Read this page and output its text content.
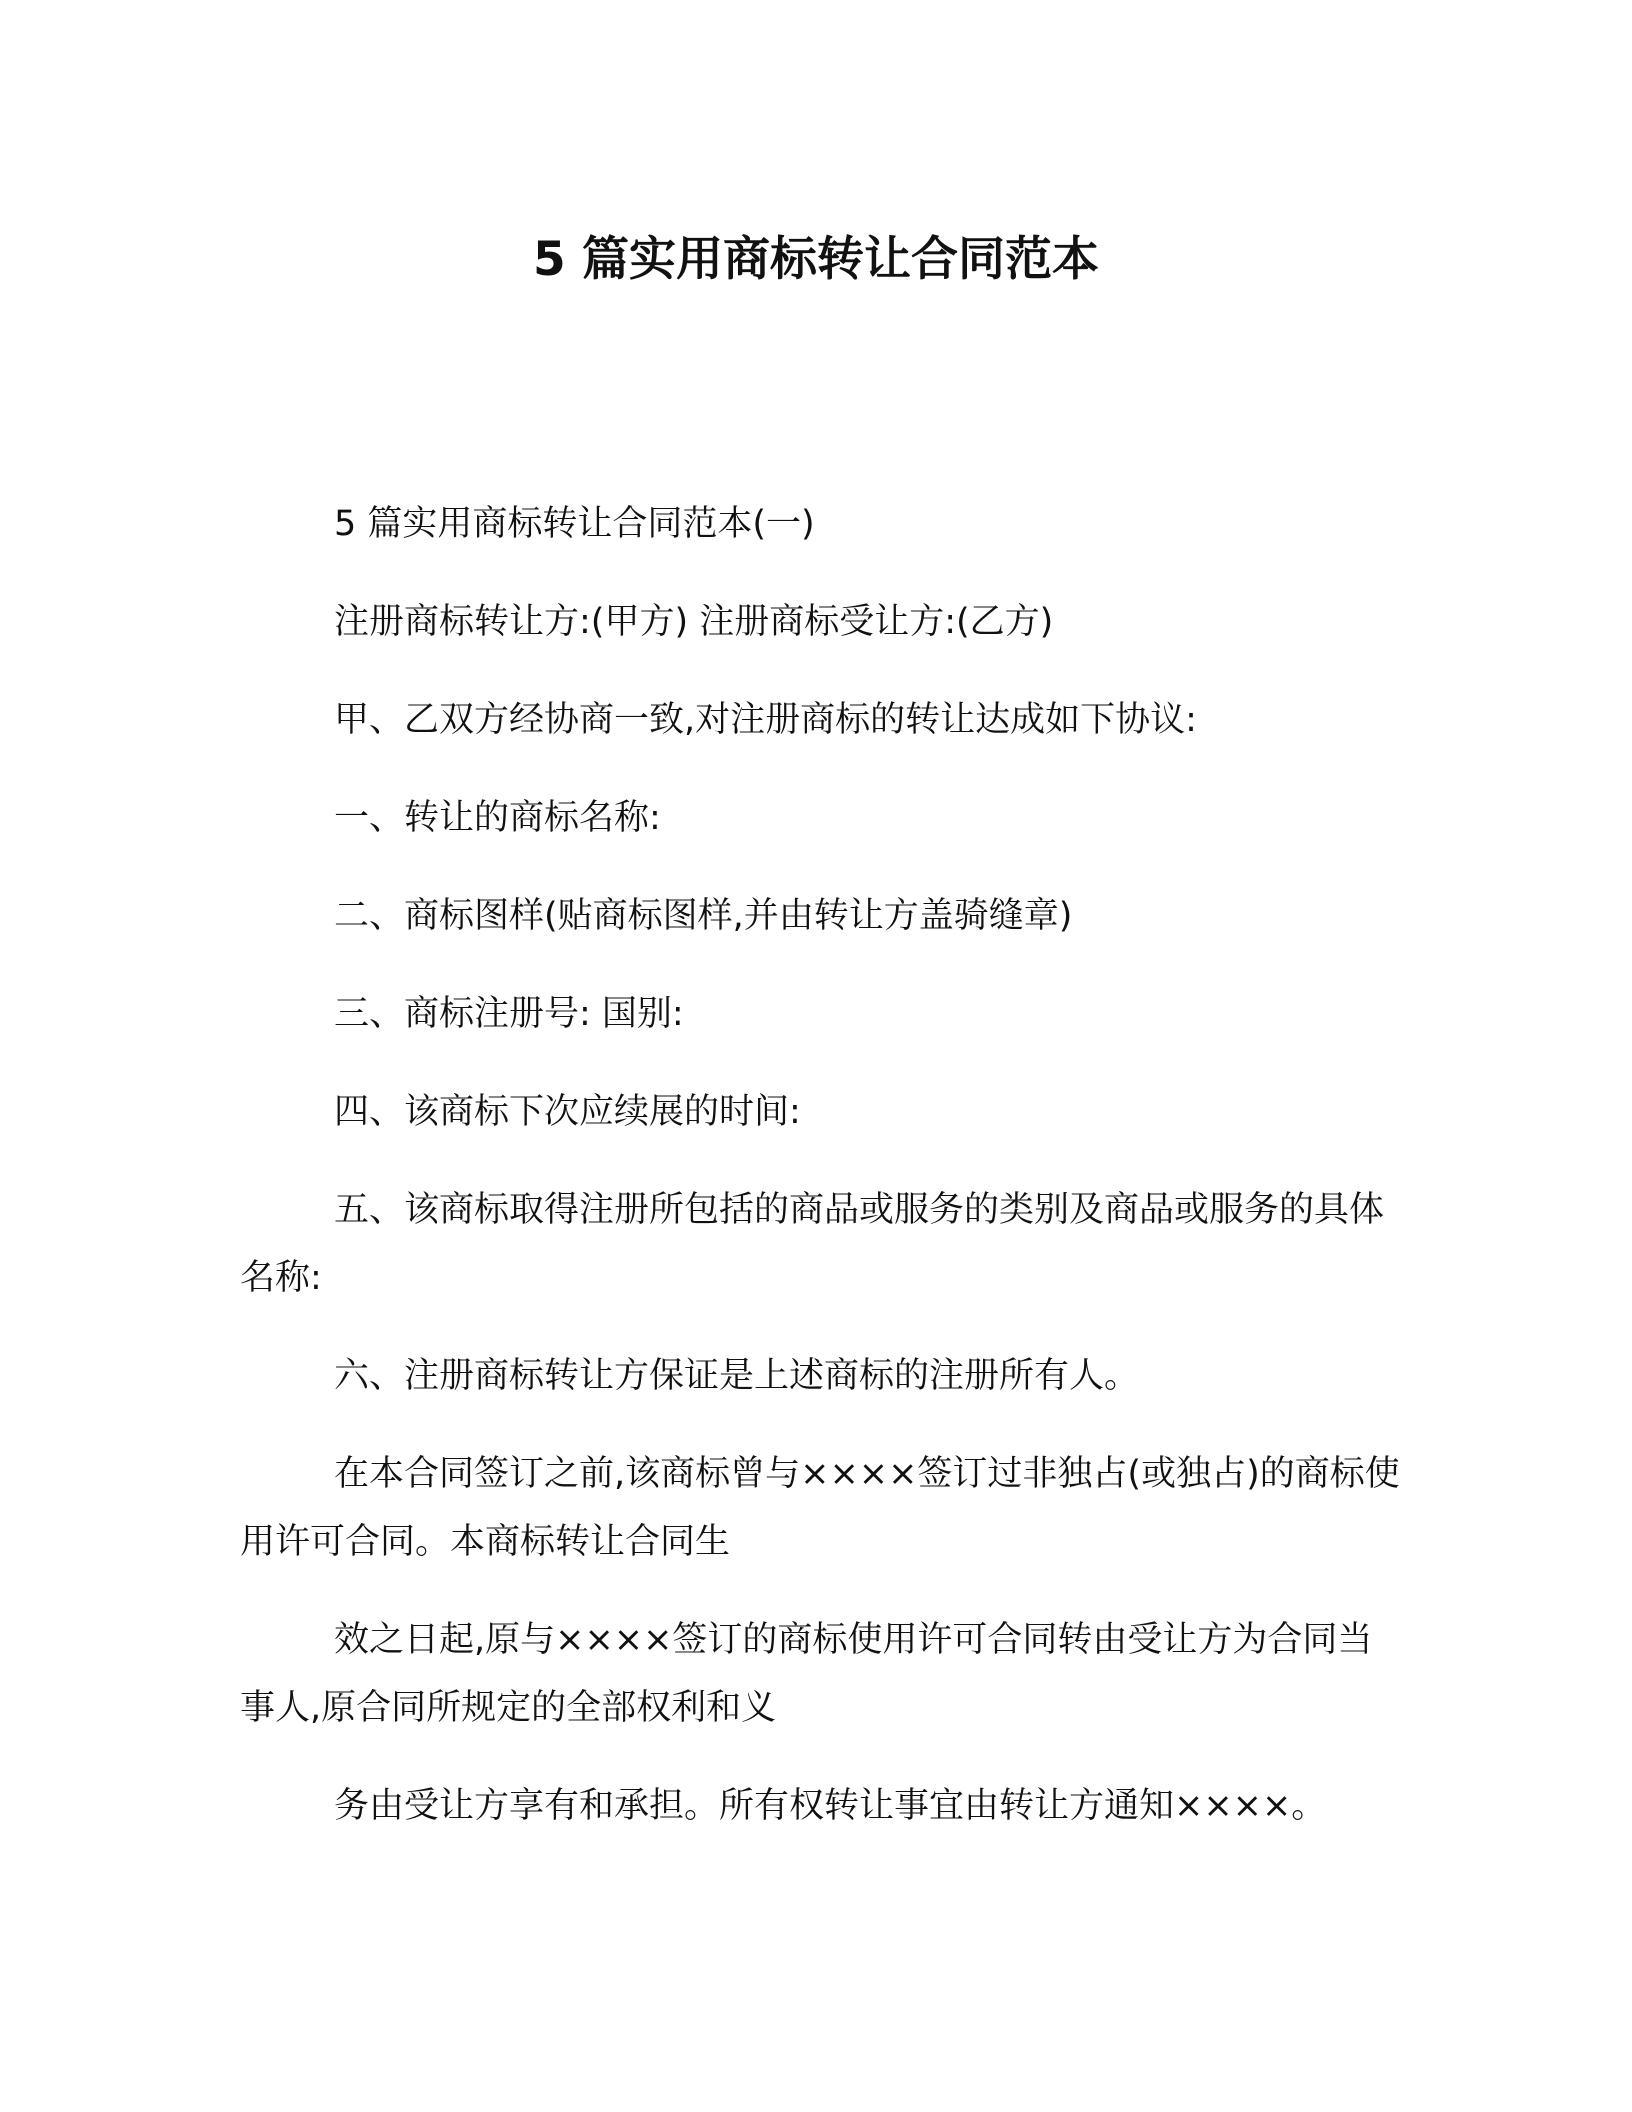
5 篇实用商标转让合同范本

5 篇实用商标转让合同范本(一)

注册商标转让方:(甲方) 注册商标受让方:(乙方)

甲、乙双方经协商一致,对注册商标的转让达成如下协议:

一、转让的商标名称:

二、商标图样(贴商标图样,并由转让方盖骑缝章)

三、商标注册号: 国别:

四、该商标下次应续展的时间:

五、该商标取得注册所包括的商品或服务的类别及商品或服务的具体名称:

六、注册商标转让方保证是上述商标的注册所有人。

在本合同签订之前,该商标曾与××××签订过非独占(或独占)的商标使用许可合同。本商标转让合同生

效之日起,原与××××签订的商标使用许可合同转由受让方为合同当事人,原合同所规定的全部权利和义

务由受让方享有和承担。所有权转让事宜由转让方通知××××。
